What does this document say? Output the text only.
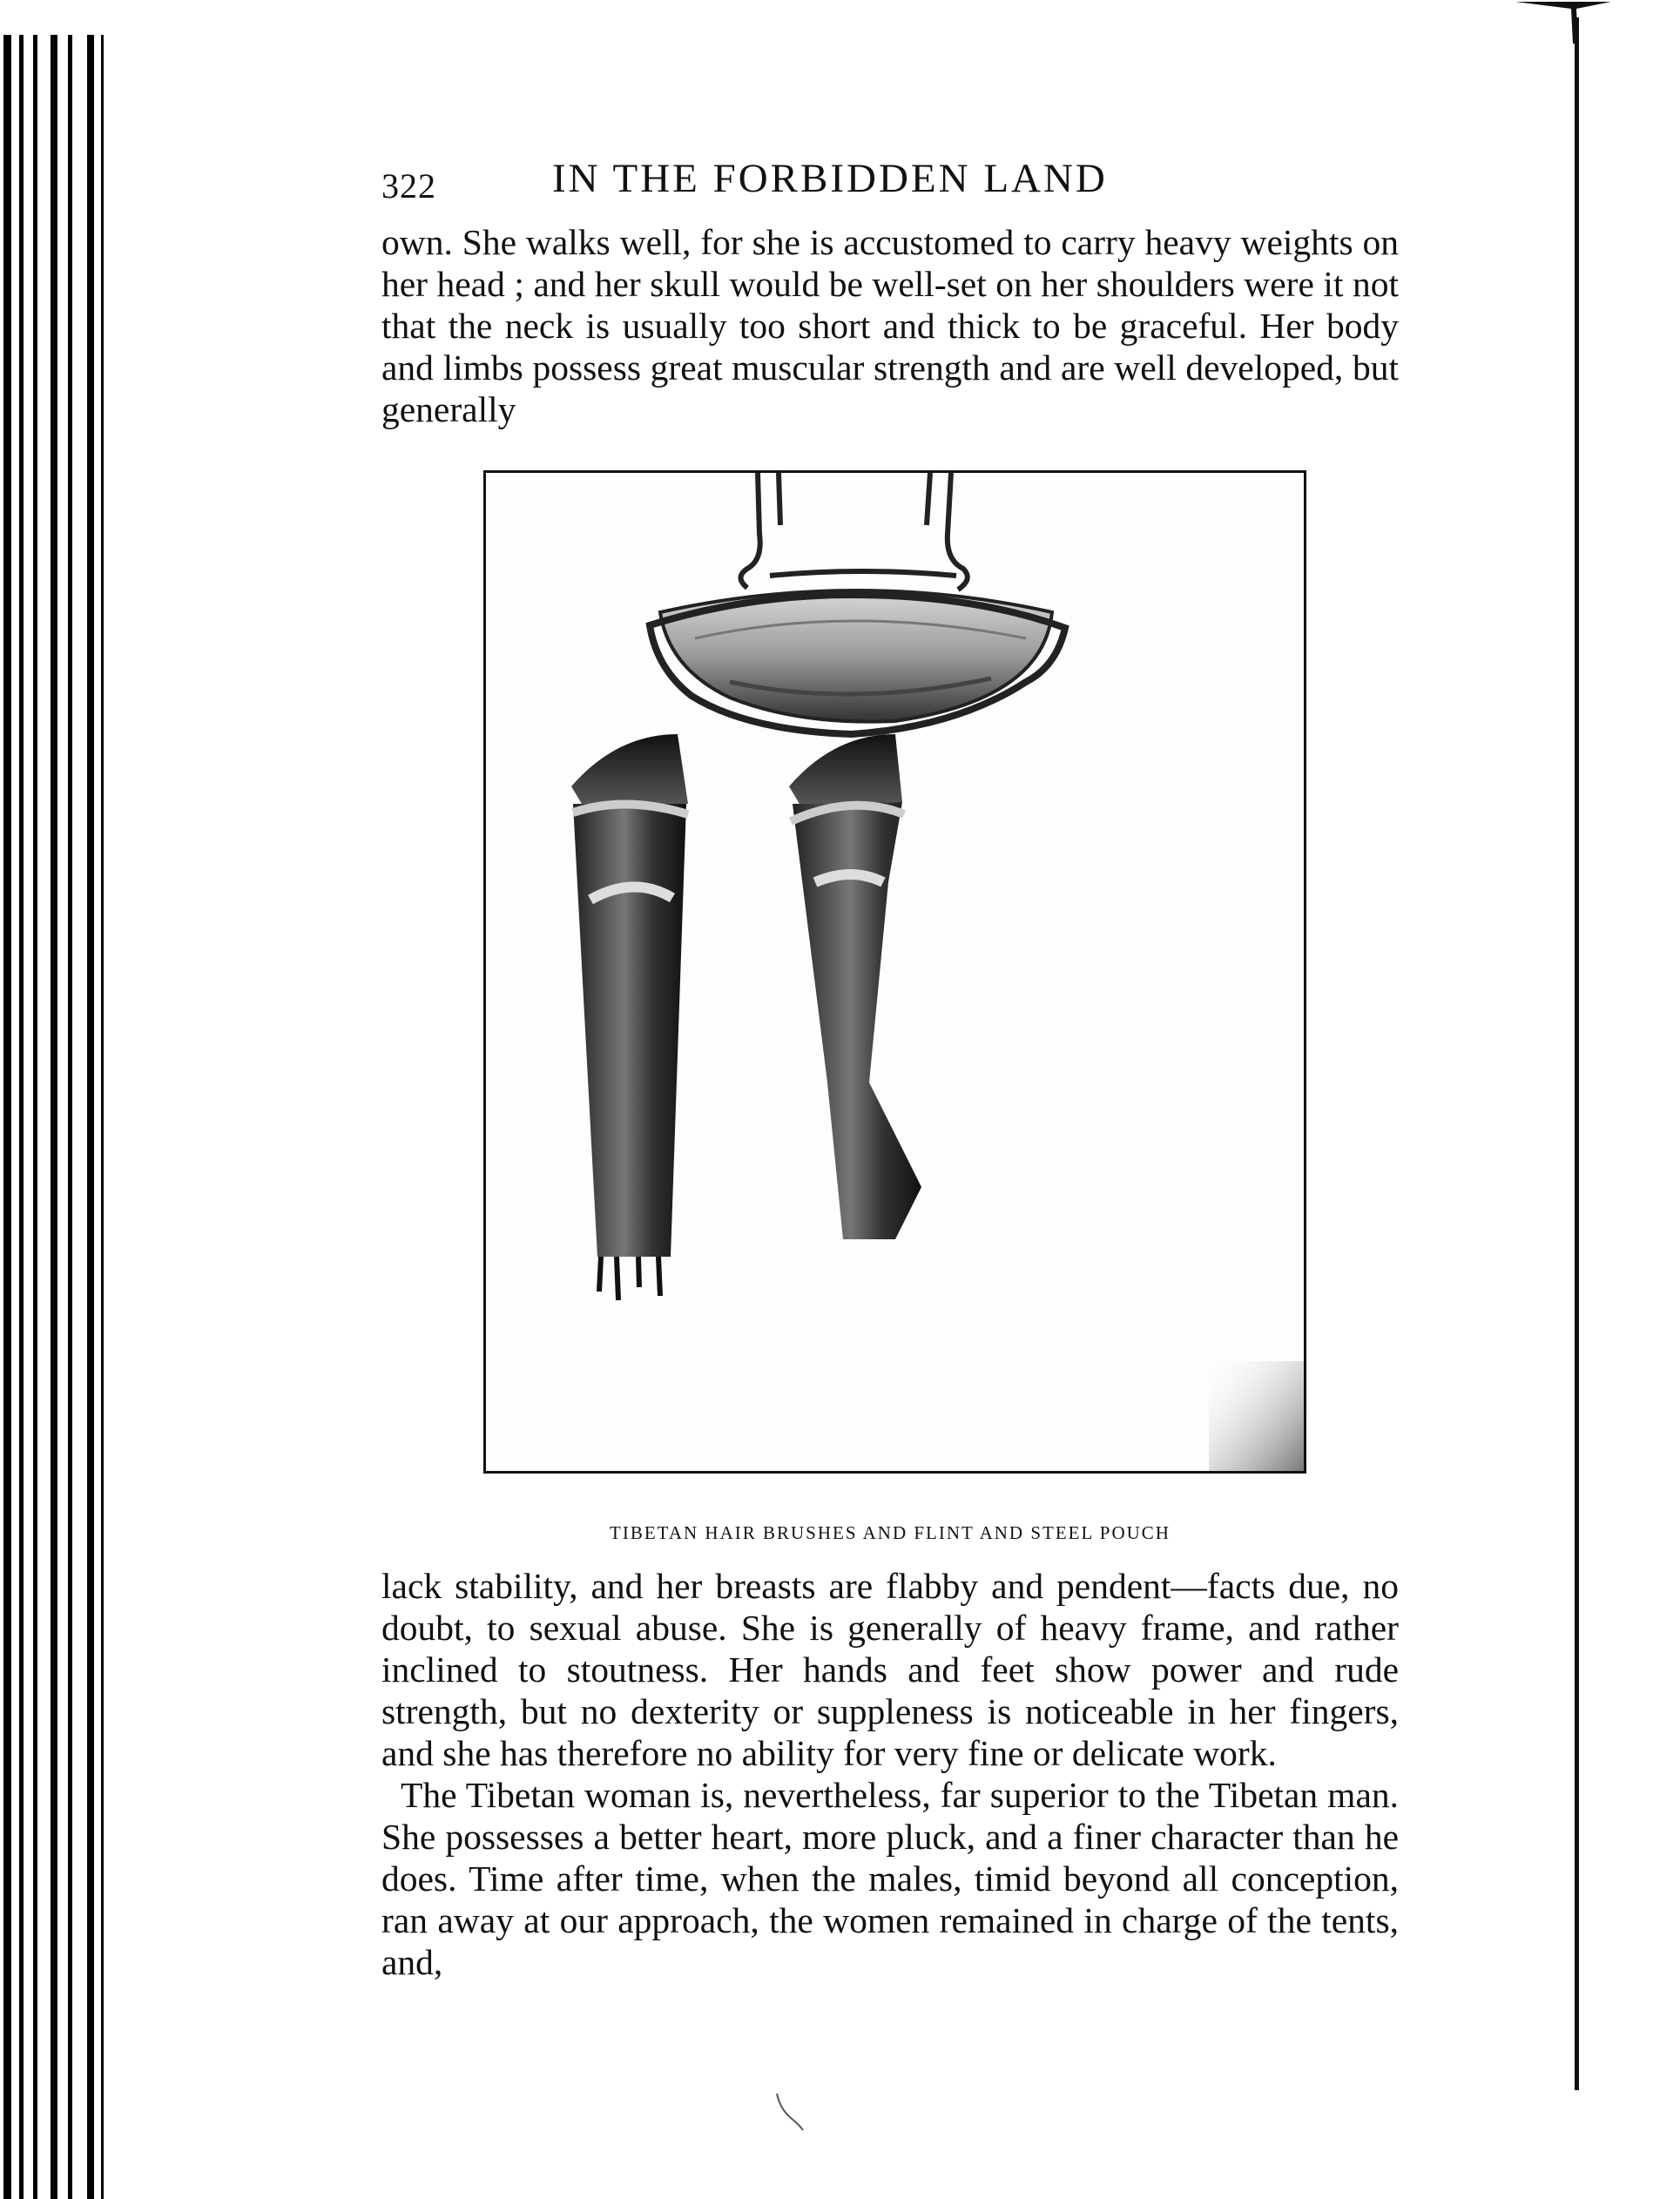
322	IN THE FORBIDDEN LAND

own. She walks well, for she is accustomed to carry heavy weights on her head ; and her skull would be well-set on her shoulders were it not that the neck is usually too short and thick to be graceful. Her body and limbs possess great muscular strength and are well developed, but generally

TIBETAN HAIR BRUSHES AND FLINT AND STEEL POUCH

lack stability, and her breasts are flabby and pendent—facts due, no doubt, to sexual abuse. She is generally of heavy frame, and rather inclined to stoutness. Her hands and feet show power and rude strength, but no dexterity or suppleness is noticeable in her fingers, and she has therefore no ability for very fine or delicate work.

The Tibetan woman is, nevertheless, far superior to the Tibetan man. She possesses a better heart, more pluck, and a finer character than he does. Time after time, when the males, timid beyond all conception, ran away at our approach, the women remained in charge of the tents, and,
